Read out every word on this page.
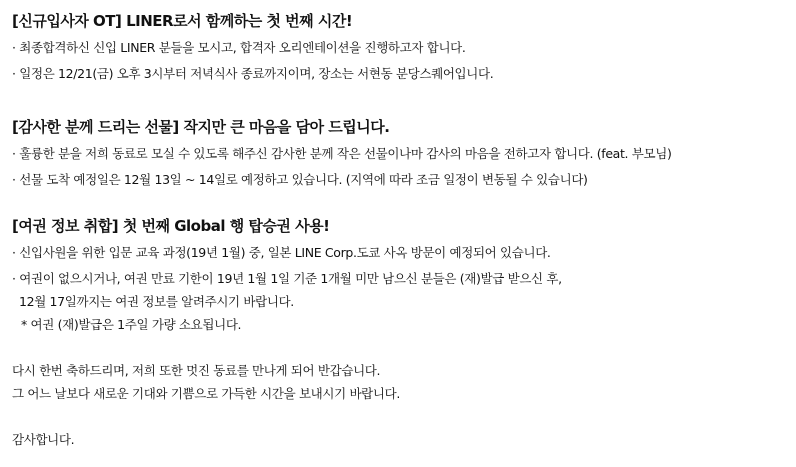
[신규입사자 OT] LINER로서 함께하는 첫 번째 시간!
· 최종합격하신 신입 LINER 분들을 모시고, 합격자 오리엔테이션을 진행하고자 합니다.
· 일정은 12/21(금) 오후 3시부터 저녁식사 종료까지이며, 장소는 서현동 분당스퀘어입니다.
[감사한 분께 드리는 선물] 작지만 큰 마음을 담아 드립니다.
· 훌륭한 분을 저희 동료로 모실 수 있도록 해주신 감사한 분께 작은 선물이나마 감사의 마음을 전하고자 합니다. (feat. 부모님)
· 선물 도착 예정일은 12월 13일 ~ 14일로 예정하고 있습니다. (지역에 따라 조금 일정이 변동될 수 있습니다)
[여권 정보 취합] 첫 번째 Global 행 탑승권 사용!
· 신입사원을 위한 입문 교육 과정(19년 1월) 중, 일본 LINE Corp.도쿄 사옥 방문이 예정되어 있습니다.
· 여권이 없으시거나, 여권 만료 기한이 19년 1월 1일 기준 1개월 미만 남으신 분들은 (재)발급 받으신 후,
12월 17일까지는 여권 정보를 알려주시기 바랍니다.
* 여권 (재)발급은 1주일 가량 소요됩니다.
다시 한번 축하드리며, 저희 또한 멋진 동료를 만나게 되어 반갑습니다.
그 어느 날보다 새로운 기대와 기쁨으로 가득한 시간을 보내시기 바랍니다.
감사합니다.
